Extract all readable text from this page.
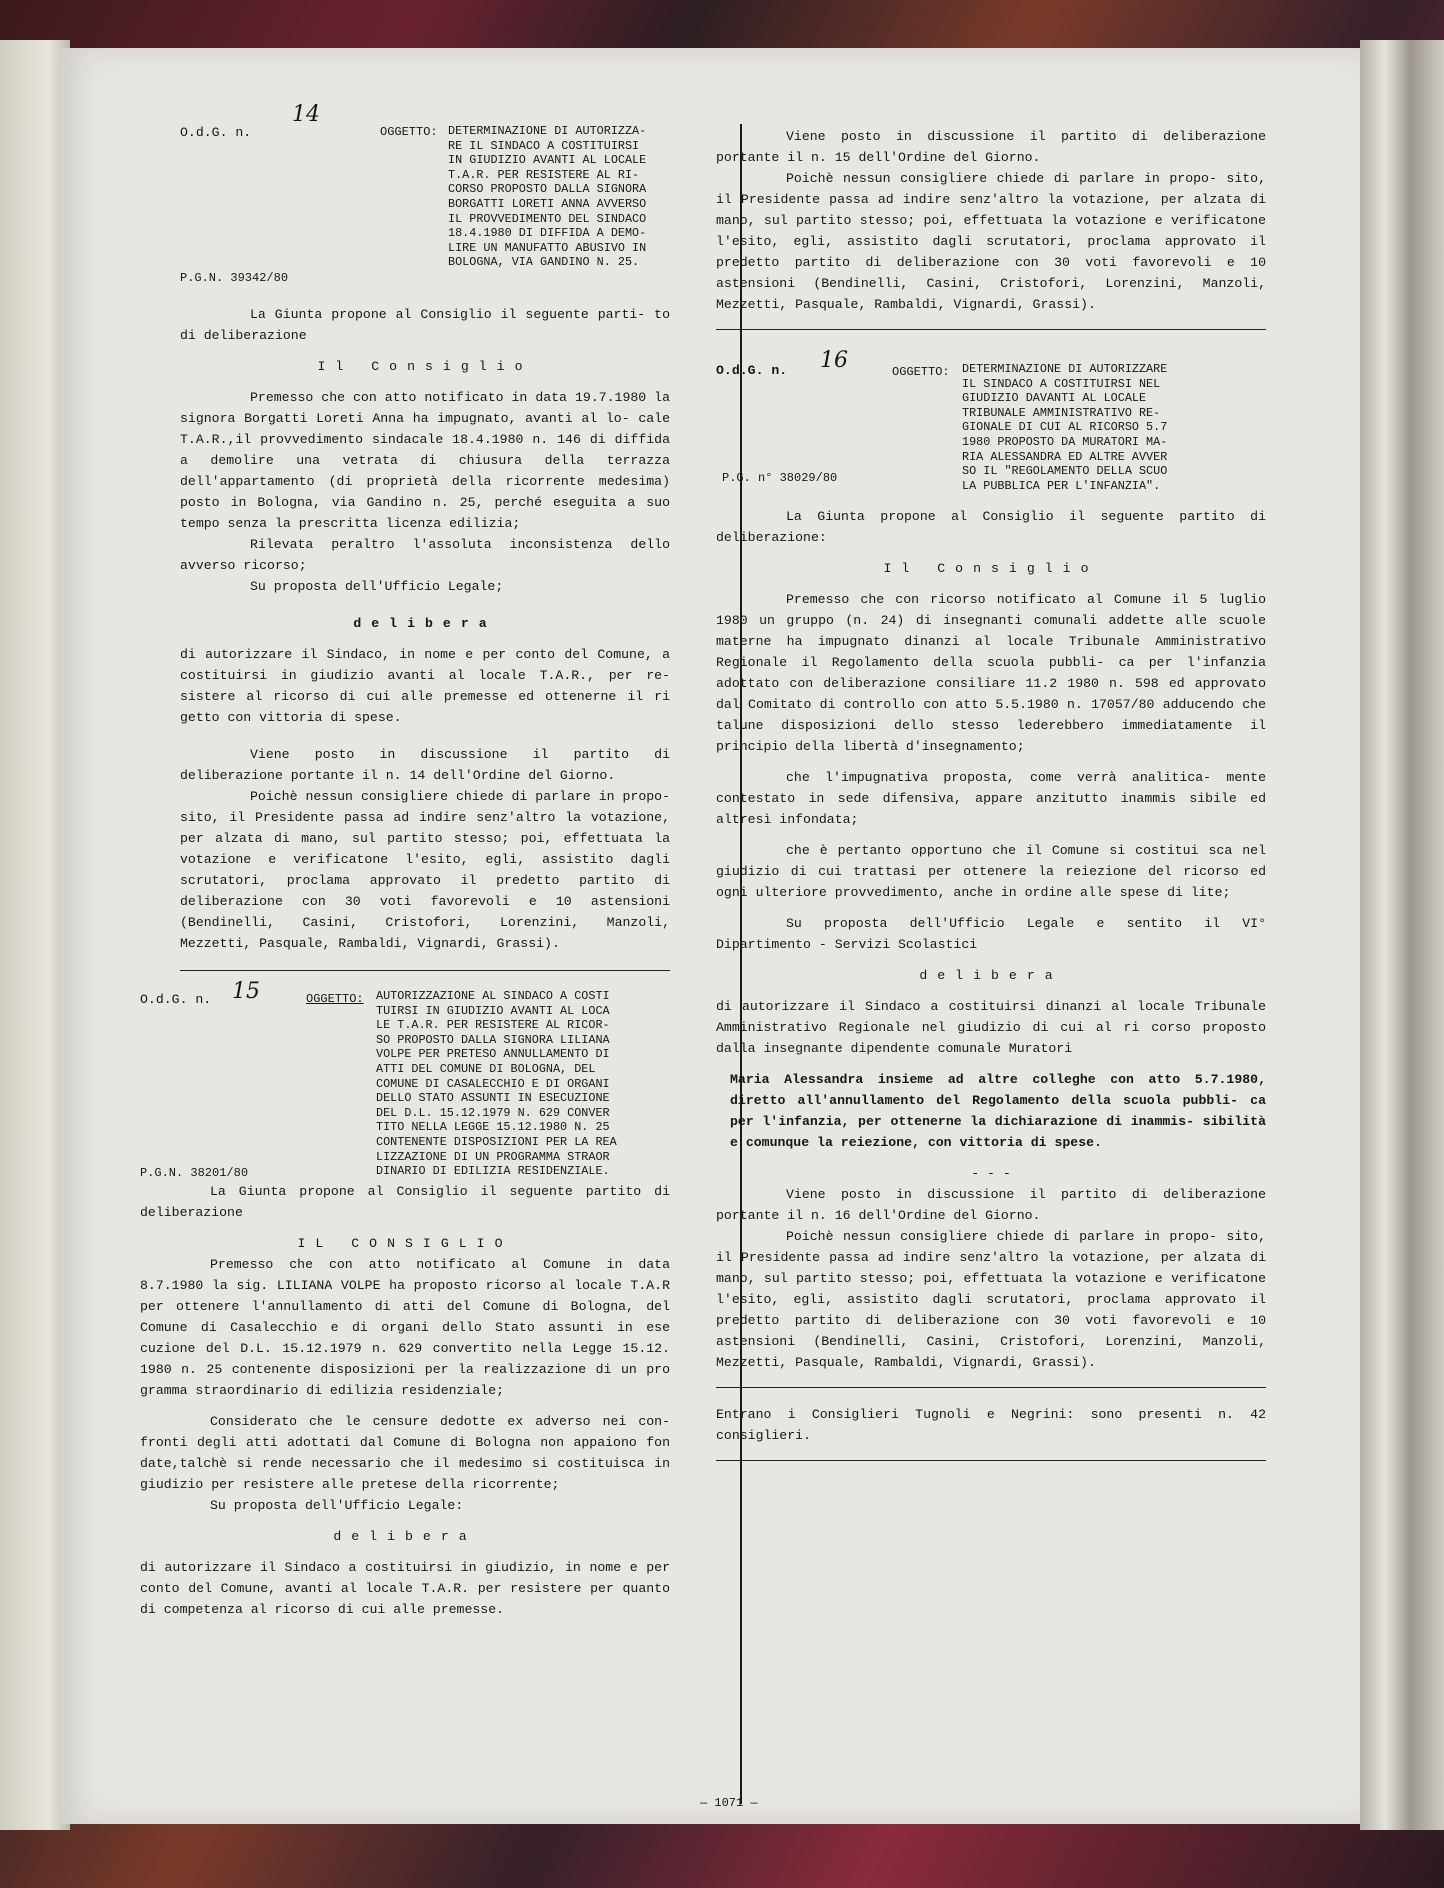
O.d.G. n.
14
OGGETTO: DETERMINAZIONE DI AUTORIZZA-
RE IL SINDACO A COSTITUIRSI
IN GIUDIZIO AVANTI AL LOCALE
T.A.R. PER RESISTERE AL RI-
CORSO PROPOSTO DALLA SIGNORA
BORGATTI LORETI ANNA AVVERSO
IL PROVVEDIMENTO DEL SINDACO
18.4.1980 DI DIFFIDA A DEMO-
LIRE UN MANUFATTO ABUSIVO IN
BOLOGNA, VIA GANDINO N. 25.
P.G.N. 39342/80

La Giunta propone al Consiglio il seguente parti- to di deliberazione

Il Consiglio

Premesso che con atto notificato in data 19.7.1980 la signora Borgatti Loreti Anna ha impugnato, avanti al lo- cale T.A.R.,il provvedimento sindacale 18.4.1980 n. 146 di diffida a demolire una vetrata di chiusura della terrazza dell'appartamento (di proprietà della ricorrente medesima) posto in Bologna, via Gandino n. 25, perché eseguita a suo tempo senza la prescritta licenza edilizia;

Rilevata peraltro l'assoluta inconsistenza dello avverso ricorso;

Su proposta dell'Ufficio Legale;

delibera

di autorizzare il Sindaco, in nome e per conto del Comune, a costituirsi in giudizio avanti al locale T.A.R., per re- sistere al ricorso di cui alle premesse ed ottenerne il ri getto con vittoria di spese.

Viene posto in discussione il partito di deliberazione portante il n. 14 dell'Ordine del Giorno.

Poichè nessun consigliere chiede di parlare in propo- sito, il Presidente passa ad indire senz'altro la votazione, per alzata di mano, sul partito stesso; poi, effettuata la votazione e verificatone l'esito, egli, assistito dagli scrutatori, proclama approvato il predetto partito di deliberazione con 30 voti favorevoli e 10 astensioni (Bendinelli, Casini, Cristofori, Lorenzini, Manzoli, Mezzetti, Pasquale, Rambaldi, Vignardi, Grassi).

O.d.G. n. 15	OGGETTO: AUTORIZZAZIONE AL SINDACO A COSTI
TUIRSI IN GIUDIZIO AVANTI AL LOCA
LE T.A.R. PER RESISTERE AL RICOR-
SO PROPOSTO DALLA SIGNORA LILIANA
VOLPE PER PRETESO ANNULLAMENTO DI
ATTI DEL COMUNE DI BOLOGNA, DEL
COMUNE DI CASALECCHIO E DI ORGANI
DELLO STATO ASSUNTI IN ESECUZIONE
DEL D.L. 15.12.1979 N. 629 CONVER
TITO NELLA LEGGE 15.12.1980 N. 25
CONTENENTE DISPOSIZIONI PER LA REA
LIZZAZIONE DI UN PROGRAMMA STRAOR
DINARIO DI EDILIZIA RESIDENZIALE.
P.G.N. 38201/80

La Giunta propone al Consiglio il seguente partito di deliberazione

IL CONSIGLIO

Premesso che con atto notificato al Comune in data 8.7.1980 la sig. LILIANA VOLPE ha proposto ricorso al locale T.A.R per ottenere l'annullamento di atti del Comune di Bologna, del Comune di Casalecchio e di organi dello Stato assunti in ese cuzione del D.L. 15.12.1979 n. 629 convertito nella Legge 15.12. 1980 n. 25 contenente disposizioni per la realizzazione di un pro gramma straordinario di edilizia residenziale;

Considerato che le censure dedotte ex adverso nei con- fronti degli atti adottati dal Comune di Bologna non appaiono fon date,talchè si rende necessario che il medesimo si costituisca in giudizio per resistere alle pretese della ricorrente;

Su proposta dell'Ufficio Legale:

delibera

di autorizzare il Sindaco a costituirsi in giudizio, in nome e per conto del Comune, avanti al locale T.A.R. per resistere per quanto di competenza al ricorso di cui alle premesse.

Viene posto in discussione il partito di deliberazione portante il n. 15 dell'Ordine del Giorno.

Poichè nessun consigliere chiede di parlare in propo- sito, il Presidente passa ad indire senz'altro la votazione, per alzata di mano, sul partito stesso; poi, effettuata la votazione e verificatone l'esito, egli, assistito dagli scrutatori, proclama approvato il predetto partito di deliberazione con 30 voti favorevoli e 10 astensioni (Bendinelli, Casini, Cristofori, Lorenzini, Manzoli, Mezzetti, Pasquale, Rambaldi, Vignardi, Grassi).

O.d.G. n. 16	OGGETTO: DETERMINAZIONE DI AUTORIZZARE
IL SINDACO A COSTITUIRSI NEL
GIUDIZIO DAVANTI AL LOCALE
TRIBUNALE AMMINISTRATIVO RE-
GIONALE DI CUI AL RICORSO 5.7
1980 PROPOSTO DA MURATORI MA-
RIA ALESSANDRA ED ALTRE AVVER
SO IL "REGOLAMENTO DELLA SCUO
LA PUBBLICA PER L'INFANZIA".
P.G. n° 38029/80

La Giunta propone al Consiglio il seguente partito di deliberazione:

Il Consiglio

Premesso che con ricorso notificato al Comune il 5 luglio 1980 un gruppo (n. 24) di insegnanti comunali addette alle scuole materne ha impugnato dinanzi al locale Tribunale Amministrativo Regionale il Regolamento della scuola pubbli- ca per l'infanzia adottato con deliberazione consiliare 11.2 1980 n. 598 ed approvato dal Comitato di controllo con atto 5.5.1980 n. 17057/80 adducendo che talune disposizioni dello stesso lederebbero immediatamente il principio della libertà d'insegnamento;

che l'impugnativa proposta, come verrà analitica- mente contestato in sede difensiva, appare anzitutto inammis sibile ed altresì infondata;

che è pertanto opportuno che il Comune si costitui sca nel giudizio di cui trattasi per ottenere la reiezione del ricorso ed ogni ulteriore provvedimento, anche in ordine alle spese di lite;

Su proposta dell'Ufficio Legale e sentito il VI° Dipartimento - Servizi Scolastici

delibera

di autorizzare il Sindaco a costituirsi dinanzi al locale Tribunale Amministrativo Regionale nel giudizio di cui al ri corso proposto dalla insegnante dipendente comunale Muratori

Maria Alessandra insieme ad altre colleghe con atto 5.7.1980, diretto all'annullamento del Regolamento della scuola pubbli- ca per l'infanzia, per ottenerne la dichiarazione di inammis- sibilità e comunque la reiezione, con vittoria di spese.

- - -

Viene posto in discussione il partito di deliberazione portante il n. 16 dell'Ordine del Giorno.

Poichè nessun consigliere chiede di parlare in propo- sito, il Presidente passa ad indire senz'altro la votazione, per alzata di mano, sul partito stesso; poi, effettuata la votazione e verificatone l'esito, egli, assistito dagli scrutatori, proclama approvato il predetto partito di deliberazione con 30 voti favorevoli e 10 astensioni (Bendinelli, Casini, Cristofori, Lorenzini, Manzoli, Mezzetti, Pasquale, Rambaldi, Vignardi, Grassi).

Entrano i Consiglieri Tugnoli e Negrini: sono presenti n. 42 consiglieri.

— 1071 —
